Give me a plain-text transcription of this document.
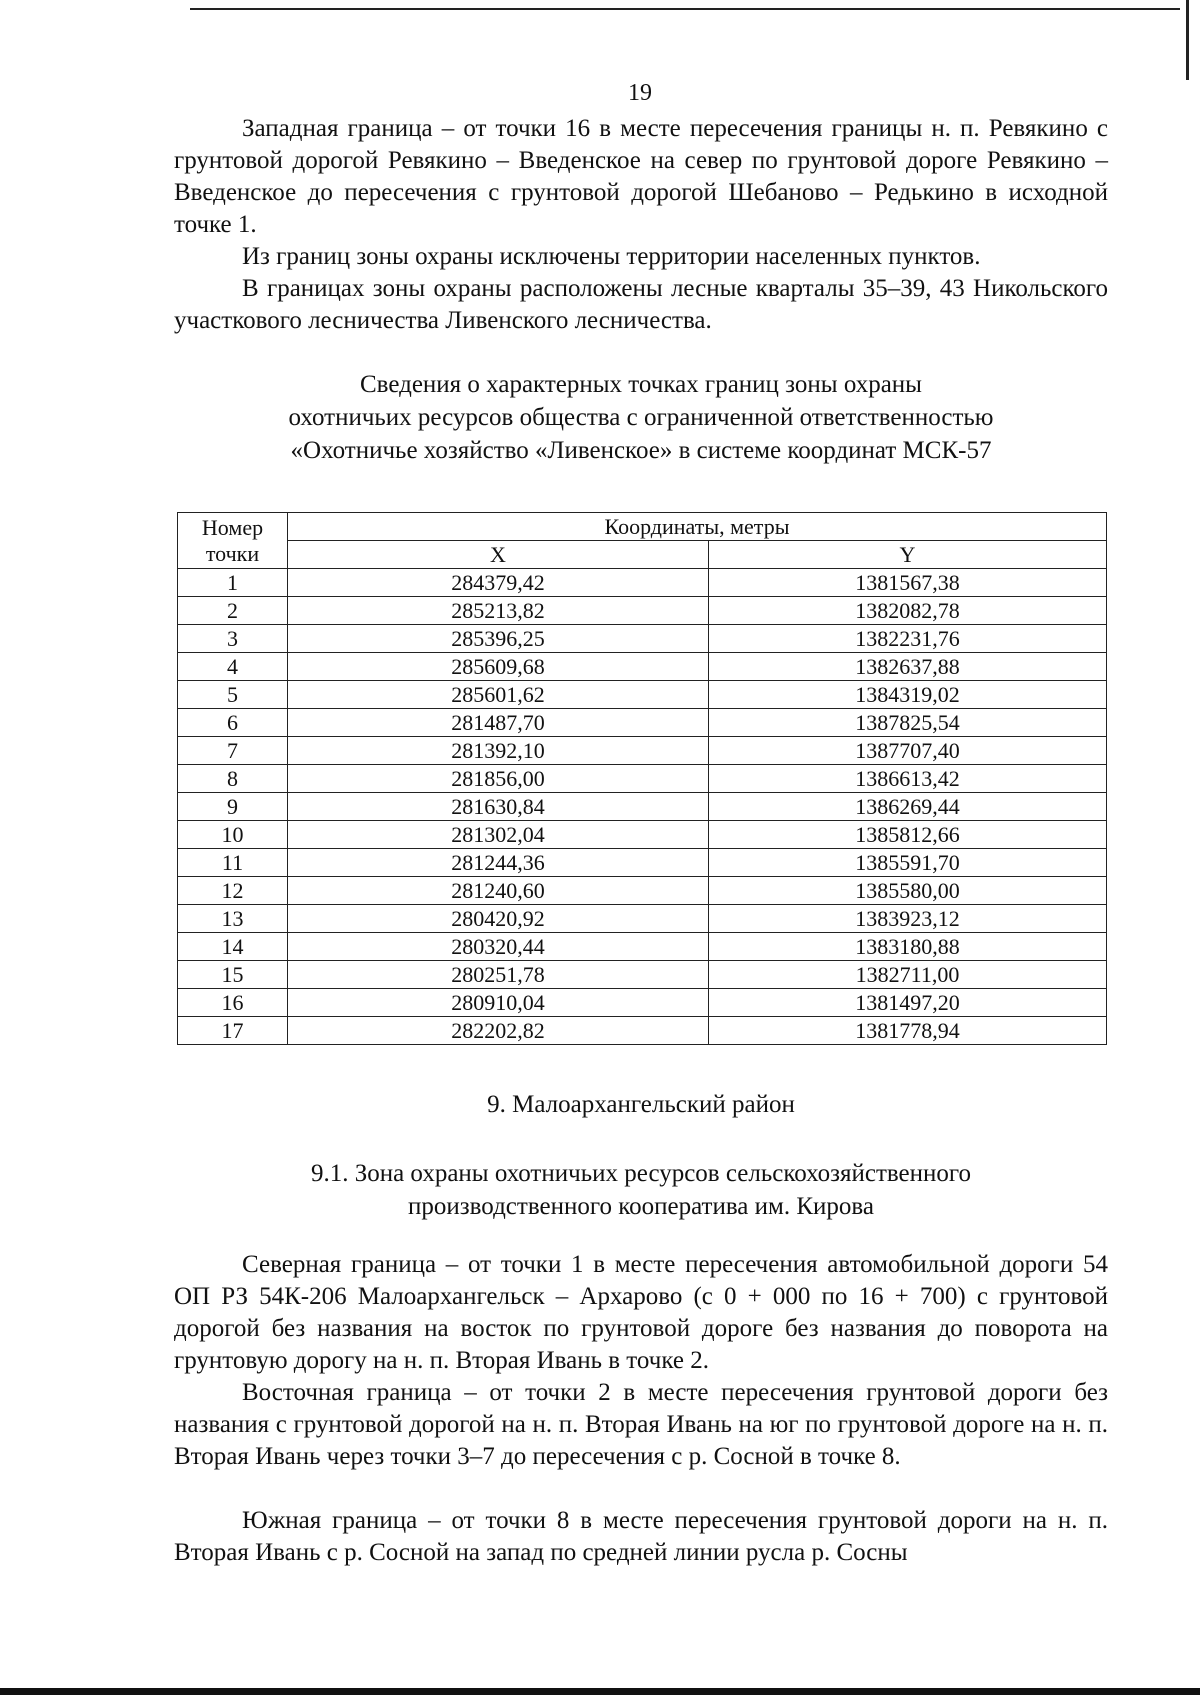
19

Западная граница – от точки 16 в месте пересечения границы н. п. Ревякино с грунтовой дорогой Ревякино – Введенское на север по грунтовой дороге Ревякино – Введенское до пересечения с грунтовой дорогой Шебаново – Редькино в исходной точке 1.

Из границ зоны охраны исключены территории населенных пунктов.

В границах зоны охраны расположены лесные кварталы 35–39, 43 Никольского участкового лесничества Ливенского лесничества.

Сведения о характерных точках границ зоны охраны

охотничьих ресурсов общества с ограниченной ответственностью

«Охотничье хозяйство «Ливенское» в системе координат МСК-57

Номер
точки	Координаты, метры	
	X	Y
1	284379,42	1381567,38
2	285213,82	1382082,78
3	285396,25	1382231,76
4	285609,68	1382637,88
5	285601,62	1384319,02
6	281487,70	1387825,54
7	281392,10	1387707,40
8	281856,00	1386613,42
9	281630,84	1386269,44
10	281302,04	1385812,66
11	281244,36	1385591,70
12	281240,60	1385580,00
13	280420,92	1383923,12
14	280320,44	1383180,88
15	280251,78	1382711,00
16	280910,04	1381497,20
17	282202,82	1381778,94

9. Малоархангельский район

9.1. Зона охраны охотничьих ресурсов сельскохозяйственного

производственного кооператива им. Кирова

Северная граница – от точки 1 в месте пересечения автомобильной дороги 54 ОП РЗ 54К-206 Малоархангельск – Архарово (с 0 + 000 по 16 + 700) с грунтовой дорогой без названия на восток по грунтовой дороге без названия до поворота на грунтовую дорогу на н. п. Вторая Ивань в точке 2.

Восточная граница – от точки 2 в месте пересечения грунтовой дороги без названия с грунтовой дорогой на н. п. Вторая Ивань на юг по грунтовой дороге на н. п. Вторая Ивань через точки 3–7 до пересечения с р. Сосной в точке 8.

Южная граница – от точки 8 в месте пересечения грунтовой дороги на н. п. Вторая Ивань с р. Сосной на запад по средней линии русла р. Сосны
